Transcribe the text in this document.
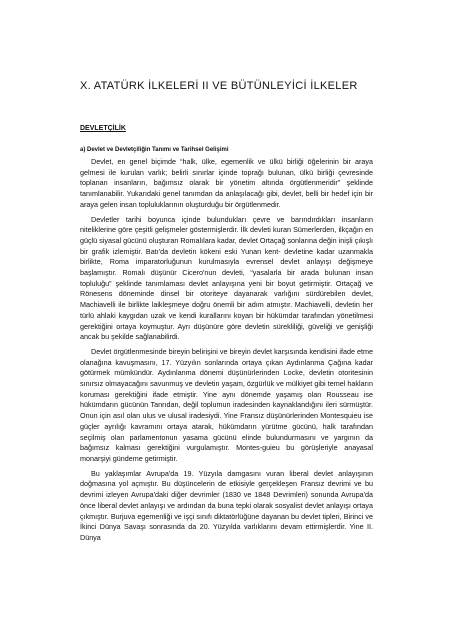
X. ATATÜRK İLKELERİ II VE BÜTÜNLEYİCİ İLKELER
DEVLETÇİLİK
a) Devlet ve Devletçiliğin Tanımı ve Tarihsel Gelişimi

Devlet, en genel biçimde “halk, ülke, egemenlik ve ülkü birliği öğelerinin bir araya gelmesi ile kurulan varlık; belirli sınırlar içinde toprağı bulunan, ülkü birliği çevresinde toplanan insanların, bağımsız olarak bir yönetim altında örgütlenmeridir” şeklinde tanımlanabilir. Yukarıdaki genel tanımdan da anlaşılacağı gibi, devlet, belli bir hedef için bir araya gelen insan topluluklarının oluşturduğu bir örgütlenmedir.

Devletler tarihi boyunca içinde bulundukları çevre ve barındırdıkları insanların niteliklerine göre çeşitli gelişmeler göstermişlerdir. İlk devleti kuran Sümerlerden, ilkçağın en güçlü siyasal gücünü oluşturan Romalılara kadar, devlet Ortaçağ sonlarına değin inişli çıkışlı bir grafik izlemiştir. Batı'da devletin kökeni eski Yunan kent- devletine kadar uzanmakla birlikte, Roma imparatorluğunun kurulmasıyla evrensel devlet anlayışı değişmeye başlamıştır. Romalı düşünür Cicero'nun devleti, “yasalarla bir arada bulunan insan topluluğu” şeklinde tanımlaması devlet anlayışına yeni bir boyut getirmiştir. Ortaçağ ve Rönesens döneminde dinsel bir otoriteye dayanarak varlığını sürdürebilen devlet, Machiavelli ile birlikte laikleşmeye doğru önemli bir adım atmıştır. Machiavelli, devletin her türlü ahlaki kaygıdan uzak ve kendi kurallarını koyan bir hükümdar tarafından yönetilmesi gerektiğini ortaya koymuştur. Ayrı düşünüre göre devletin sürekliliği, güveliği ve genişliği ancak bu şekilde sağlanabilirdi.

Devlet örgütlenmesinde bireyin belirişini ve bireyin devlet karşısında kendisini ifade etme olanağına kavuşmasını, 17. Yüzyılın sonlarında ortaya çıkan Aydınlanma Çağına kadar götürmek mümkündür. Aydınlanma dönemi düşünürlerinden Locke, devletin otoritesinin sınırsız olmayacağını savunmuş ve devletin yaşam, özgürlük ve mülkiyet gibi temel hakların koruması gerektiğini ifade etmiştir. Yine aynı dönemde yaşamış olan Rousseau ise hükümdarın gücünün Tanrıdan, değil toplumun iradesinden kaynaklandığını ileri sürmüştür. Onun için asıl olan ulus ve ulusal iradesiydi. Yine Fransız düşünürlerinden Montesquieu ise güçler ayrılığı kavramını ortaya atarak, hükümdarın yürütme gücünü, halk tarafından seçilmiş olan parlamentonun yasama gücünü elinde bulundurmasını ve yargının da bağımsız kalması gerektiğini vurgulamıştır. Montes-guieu bu görüşleriyle anayasal monarşiyi gündeme getirmiştir.

Bu yaklaşımlar Avrupa'da 19. Yüzyıla damgasını vuran liberal devlet anlayışının doğmasına yol açmıştır. Bu düşüncelerin de etkisiyle gerçekleşen Fransız devrimi ve bu devrimi izleyen Avrupa'daki diğer devrimler (1830 ve 1848 Devrimleri) sonunda Avrupa'da önce liberal devlet anlayışı ve ardından da buna tepki olarak sosyalist devlet anlayışı ortaya çıkmıştır. Burjuva egemenliği ve işçi sınıfı diktatörlüğüne dayanan bu devlet tipleri, Birinci ve İkinci Dünya Savaşı sonrasında da 20. Yüzyılda varlıklarını devam ettirmişlerdir. Yine II. Dünya
